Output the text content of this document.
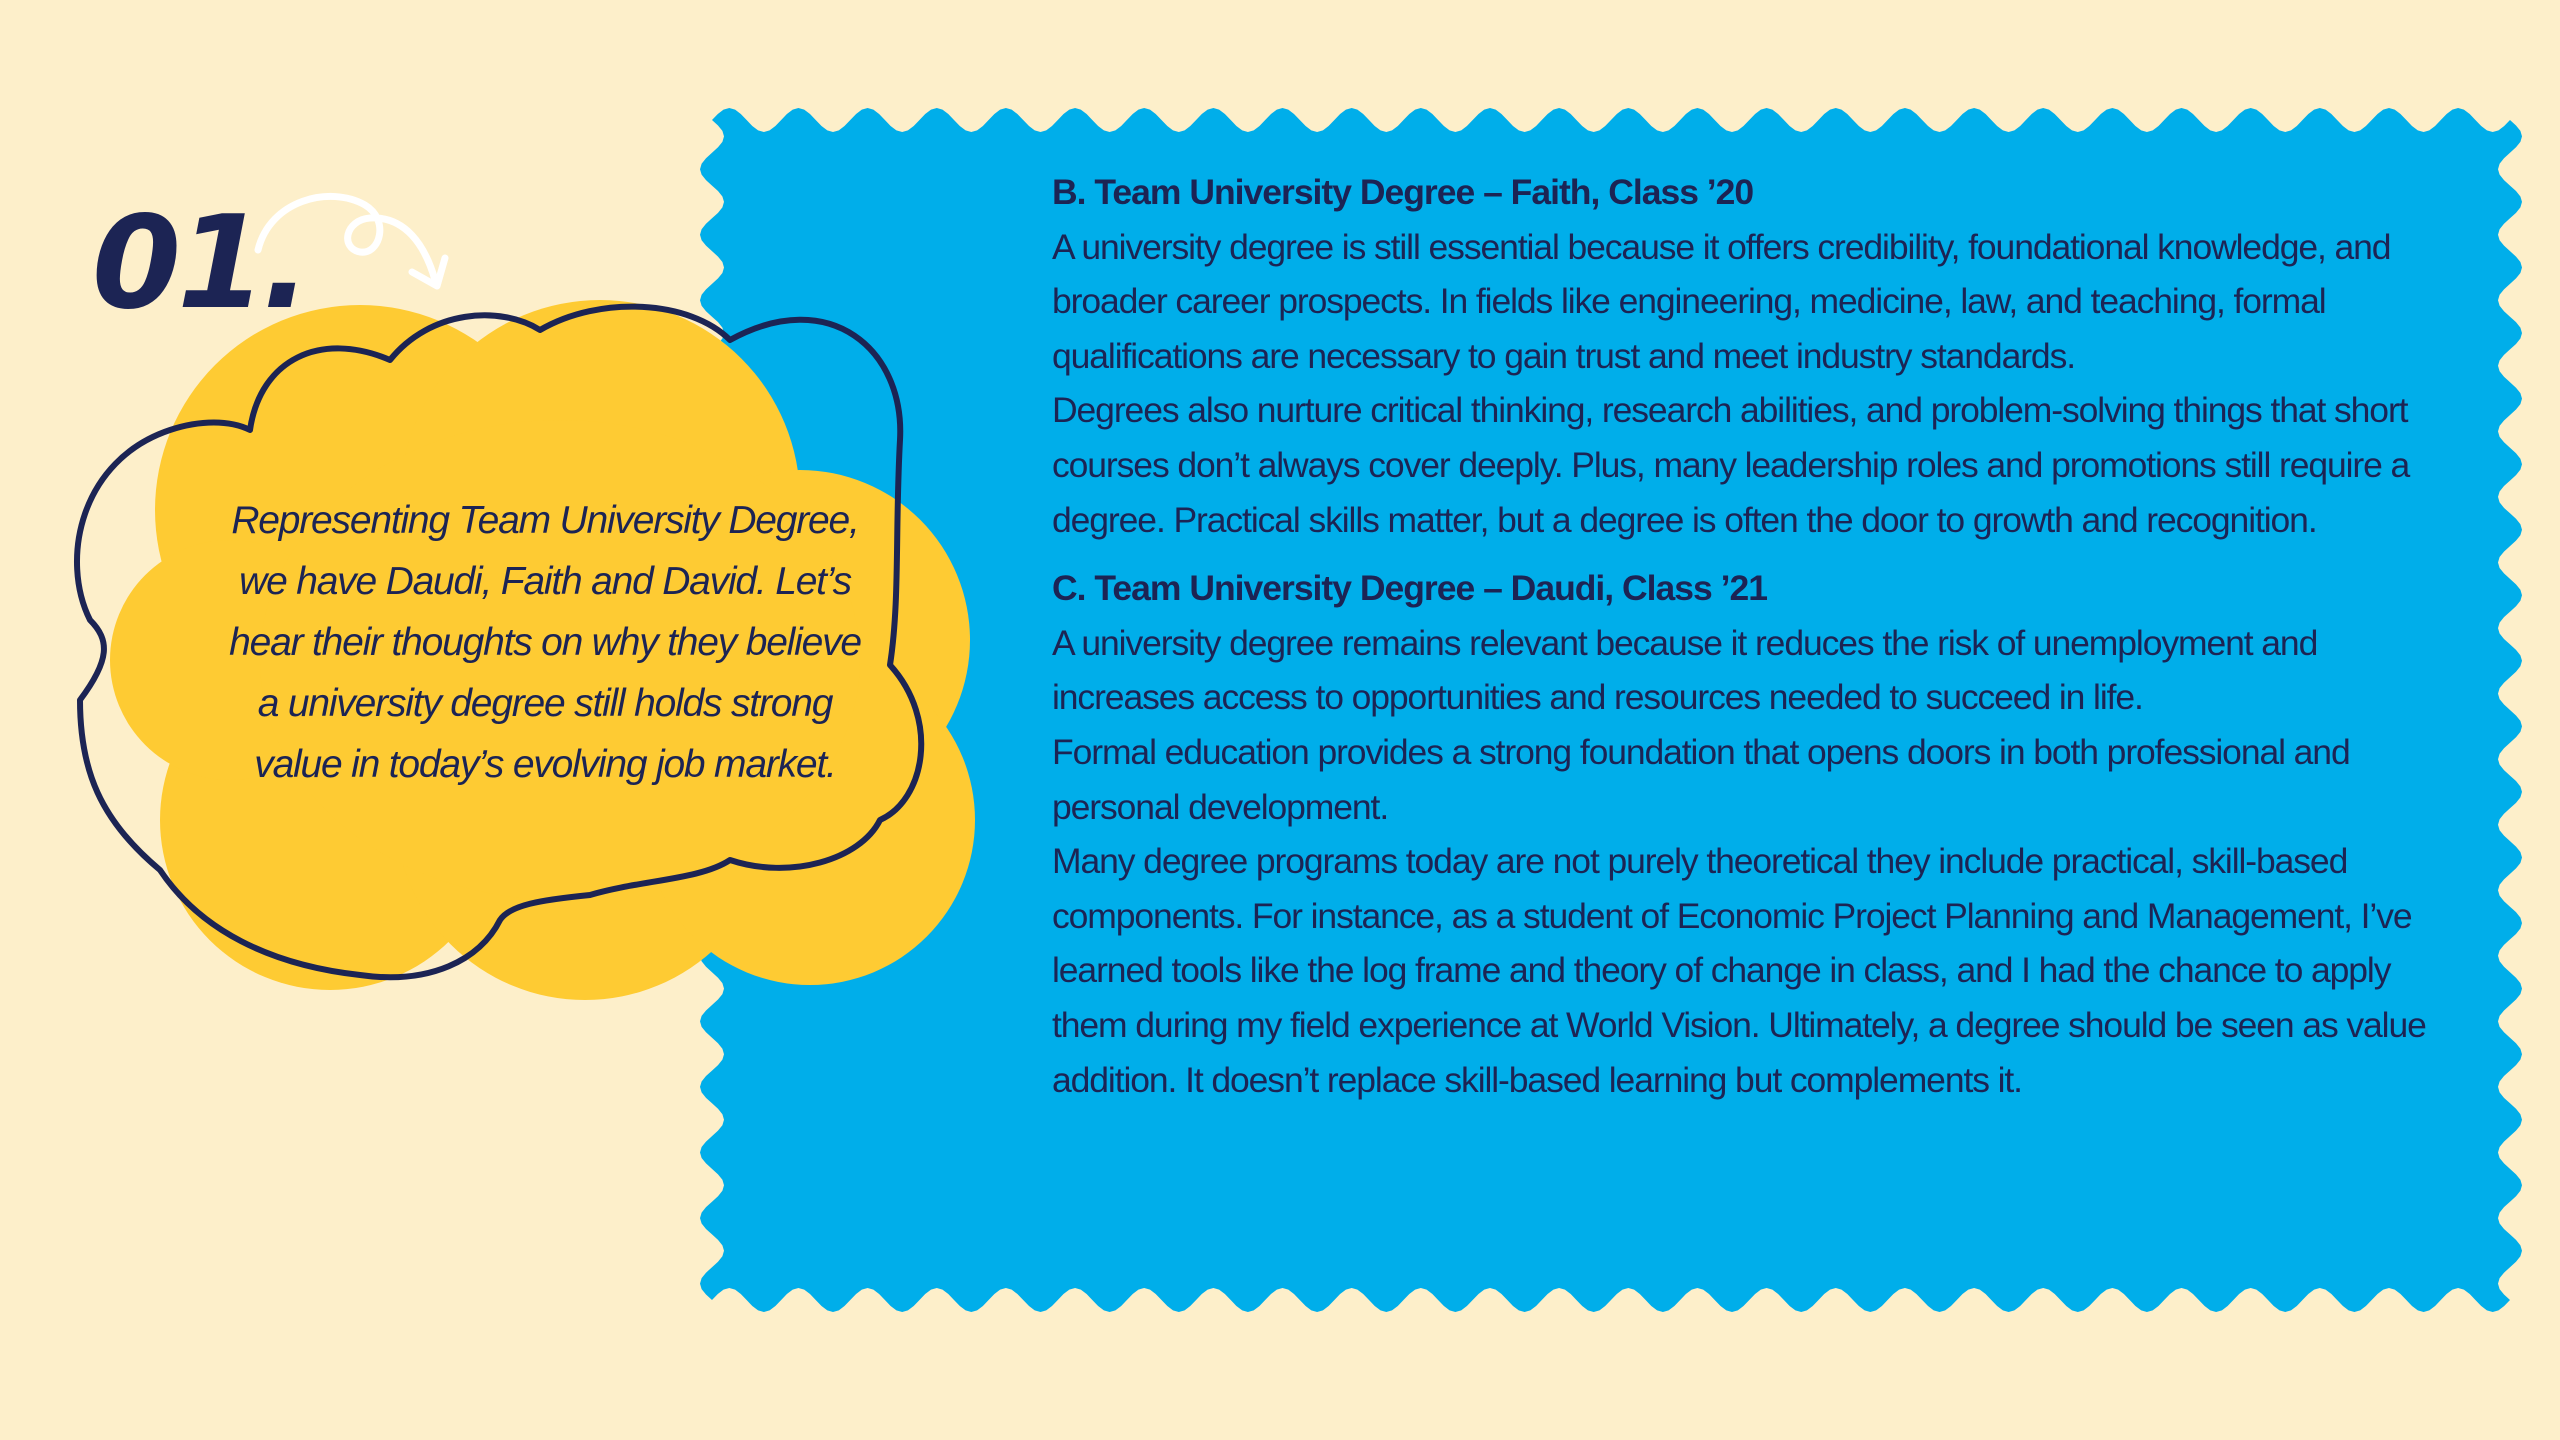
01.
Representing Team University Degree, we have Daudi, Faith and David. Let’s hear their thoughts on why they believe a university degree still holds strong value in today’s evolving job market.

B. Team University Degree – Faith, Class ’20

A university degree is still essential because it offers credibility, foundational knowledge, and broader career prospects. In fields like engineering, medicine, law, and teaching, formal qualifications are necessary to gain trust and meet industry standards.

Degrees also nurture critical thinking, research abilities, and problem-solving things that short courses don’t always cover deeply. Plus, many leadership roles and promotions still require a degree. Practical skills matter, but a degree is often the door to growth and recognition.

C. Team University Degree – Daudi, Class ’21

A university degree remains relevant because it reduces the risk of unemployment and increases access to opportunities and resources needed to succeed in life.

Formal education provides a strong foundation that opens doors in both professional and personal development.

Many degree programs today are not purely theoretical they include practical, skill-based components. For instance, as a student of Economic Project Planning and Management, I’ve learned tools like the log frame and theory of change in class, and I had the chance to apply them during my field experience at World Vision. Ultimately, a degree should be seen as value addition. It doesn’t replace skill-based learning but complements it.
